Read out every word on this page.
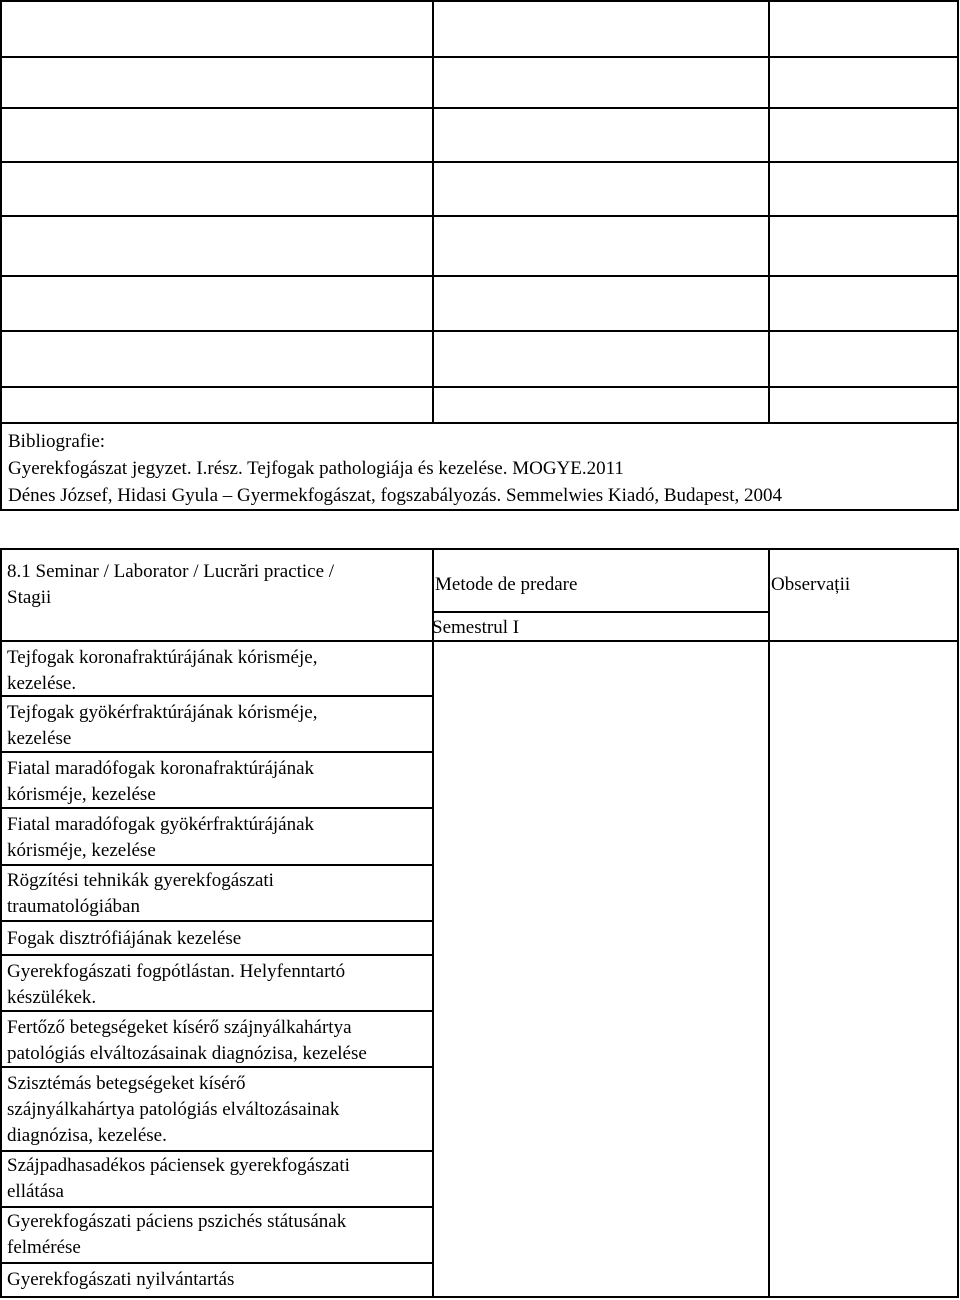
Bibliografie:
Gyerekfogászat jegyzet. I.rész. Tejfogak pathologiája és kezelése. MOGYE.2011
Dénes József, Hidasi Gyula – Gyermekfogászat, fogszabályozás. Semmelwies Kiadó, Budapest, 2004
8.1 Seminar / Laborator / Lucrări practice /
Stagii
Metode de predare	Observații
Semestrul I
Tejfogak koronafraktúrájának kórisméje,
kezelése.
Tejfogak gyökérfraktúrájának kórisméje,
kezelése
Fiatal maradófogak koronafraktúrájának
kórisméje, kezelése
Fiatal maradófogak gyökérfraktúrájának
kórisméje, kezelése
Rögzítési tehnikák gyerekfogászati
traumatológiában
Fogak disztrófiájának kezelése
Gyerekfogászati fogpótlástan. Helyfenntartó
készülékek.
Fertőző betegségeket kísérő szájnyálkahártya
patológiás elváltozásainak diagnózisa, kezelése
Szisztémás betegségeket kísérő
szájnyálkahártya patológiás elváltozásainak
diagnózisa, kezelése.
Szájpadhasadékos páciensek gyerekfogászati
ellátása
Gyerekfogászati páciens pszichés státusának
felmérése
Gyerekfogászati nyilvántartás
